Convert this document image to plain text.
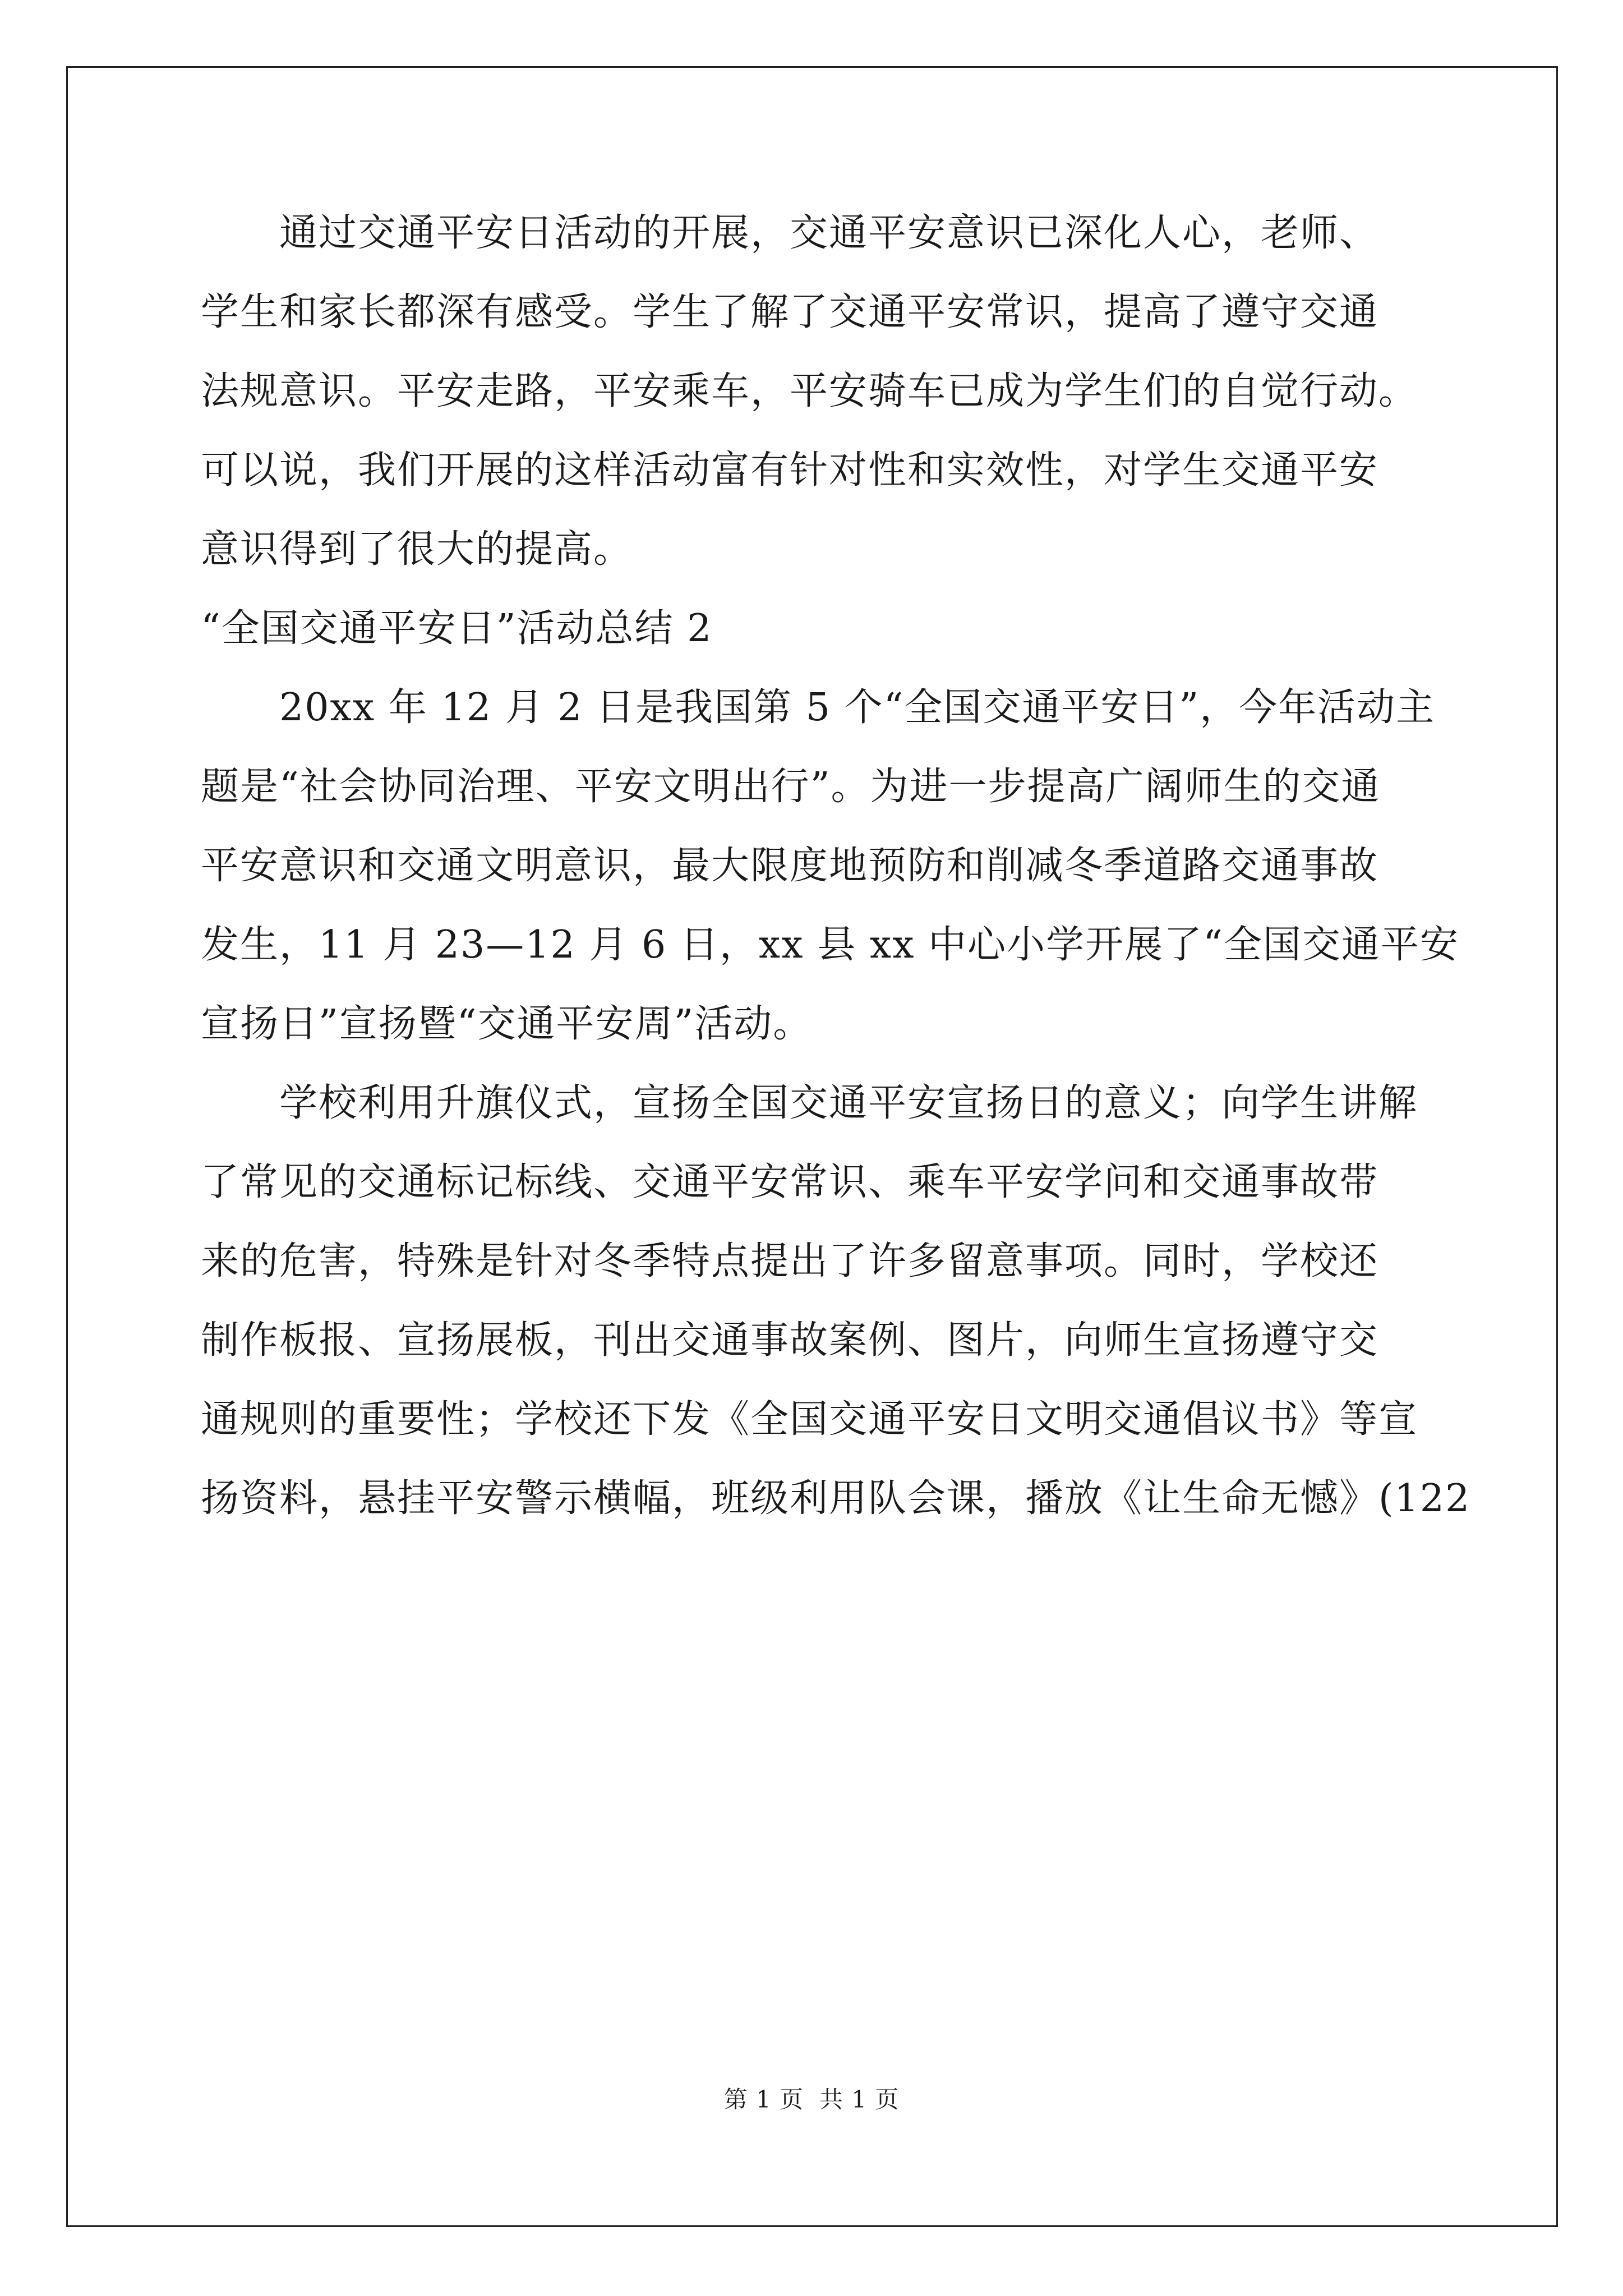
通过交通平安日活动的开展，交通平安意识已深化人心，老师、
学生和家长都深有感受。学生了解了交通平安常识，提高了遵守交通
法规意识。平安走路，平安乘车，平安骑车已成为学生们的自觉行动。
可以说，我们开展的这样活动富有针对性和实效性，对学生交通平安
意识得到了很大的提高。

“全国交通平安日”活动总结 2

20xx 年 12 月 2 日是我国第 5 个“全国交通平安日”，今年活动主
题是“社会协同治理、平安文明出行”。为进一步提高广阔师生的交通
平安意识和交通文明意识，最大限度地预防和削减冬季道路交通事故
发生，11 月 23—12 月 6 日，xx 县 xx 中心小学开展了“全国交通平安
宣扬日”宣扬暨“交通平安周”活动。

学校利用升旗仪式，宣扬全国交通平安宣扬日的意义；向学生讲解
了常见的交通标记标线、交通平安常识、乘车平安学问和交通事故带
来的危害，特殊是针对冬季特点提出了许多留意事项。同时，学校还
制作板报、宣扬展板，刊出交通事故案例、图片，向师生宣扬遵守交
通规则的重要性；学校还下发《全国交通平安日文明交通倡议书》等宣
扬资料，悬挂平安警示横幅，班级利用队会课，播放《让生命无憾》(122

第 1 页 共 1 页
